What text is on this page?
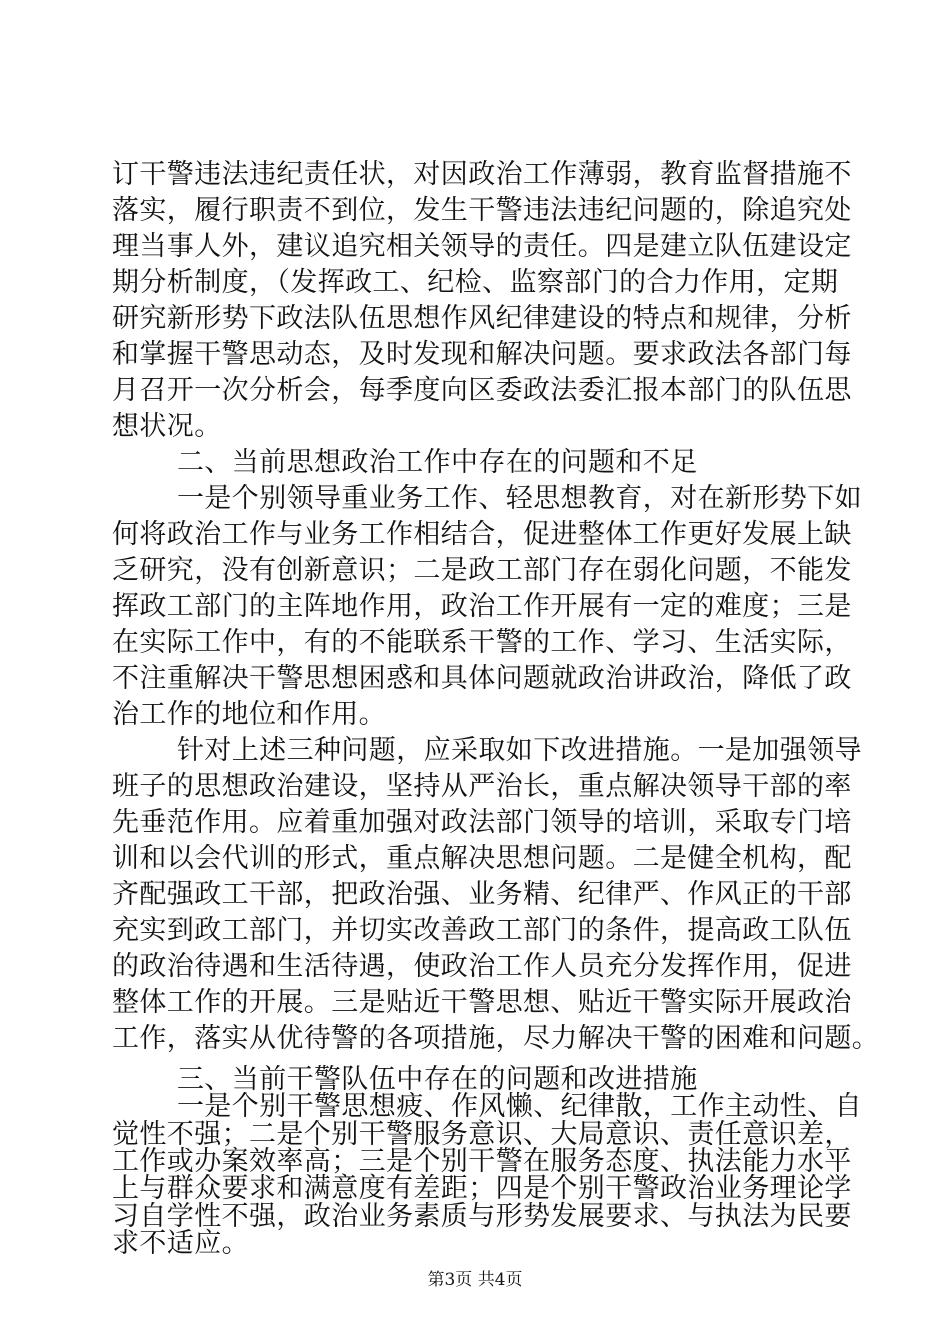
订干警违法违纪责任状，对因政治工作薄弱，教育监督措施不
落实，履行职责不到位，发生干警违法违纪问题的，除追究处
理当事人外，建议追究相关领导的责任。四是建立队伍建设定
期分析制度，（发挥政工、纪检、监察部门的合力作用，定期
研究新形势下政法队伍思想作风纪律建设的特点和规律，分析
和掌握干警思动态，及时发现和解决问题。要求政法各部门每
月召开一次分析会，每季度向区委政法委汇报本部门的队伍思
想状况。
二、当前思想政治工作中存在的问题和不足
一是个别领导重业务工作、轻思想教育，对在新形势下如
何将政治工作与业务工作相结合，促进整体工作更好发展上缺
乏研究，没有创新意识；二是政工部门存在弱化问题，不能发
挥政工部门的主阵地作用，政治工作开展有一定的难度；三是
在实际工作中，有的不能联系干警的工作、学习、生活实际，
不注重解决干警思想困惑和具体问题就政治讲政治，降低了政
治工作的地位和作用。
针对上述三种问题，应采取如下改进措施。一是加强领导
班子的思想政治建设，坚持从严治长，重点解决领导干部的率
先垂范作用。应着重加强对政法部门领导的培训，采取专门培
训和以会代训的形式，重点解决思想问题。二是健全机构，配
齐配强政工干部，把政治强、业务精、纪律严、作风正的干部
充实到政工部门，并切实改善政工部门的条件，提高政工队伍
的政治待遇和生活待遇，使政治工作人员充分发挥作用，促进
整体工作的开展。三是贴近干警思想、贴近干警实际开展政治
工作，落实从优待警的各项措施，尽力解决干警的困难和问题。
三、当前干警队伍中存在的问题和改进措施
一是个别干警思想疲、作风懒、纪律散，工作主动性、自
觉性不强；二是个别干警服务意识、大局意识、责任意识差，
工作或办案效率高；三是个别干警在服务态度、执法能力水平
上与群众要求和满意度有差距；四是个别干警政治业务理论学
习自学性不强，政治业务素质与形势发展要求、与执法为民要
求不适应。
第3页 共4页
